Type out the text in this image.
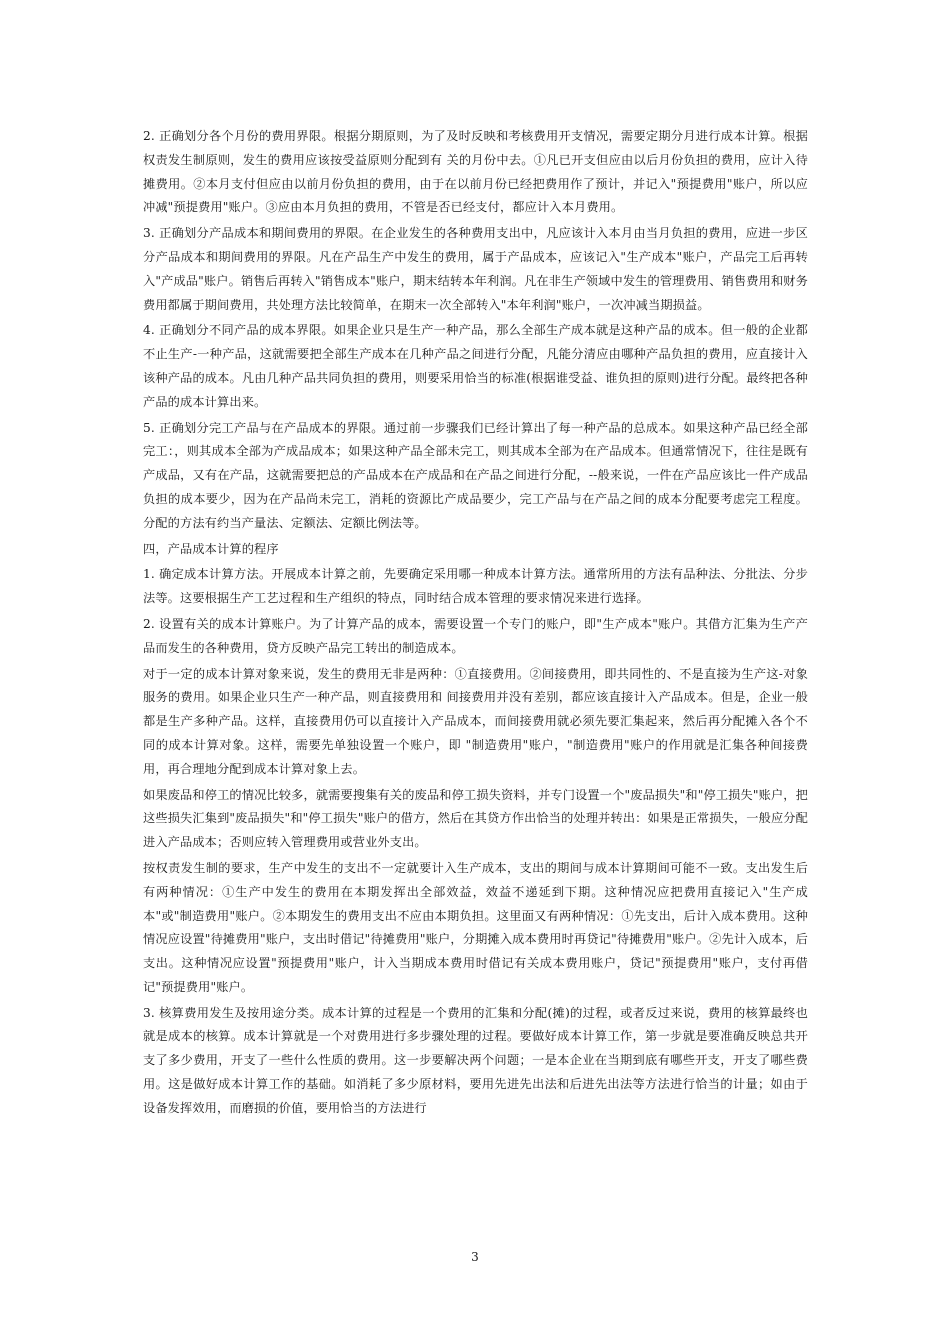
2. 正确划分各个月份的费用界限。根据分期原则，为了及时反映和考核费用开支情况，需要定期分月进行成本计算。根据权责发生制原则，发生的费用应该按受益原则分配到有 关的月份中去。①凡已开支但应由以后月份负担的费用，应计入待摊费用。②本月支付但应由以前月份负担的费用，由于在以前月份已经把费用作了预计，并记入"预提费用"账户，所以应冲减"预提费用"账户。③应由本月负担的费用，不管是否已经支付，都应计入本月费用。

3. 正确划分产品成本和期间费用的界限。在企业发生的各种费用支出中，凡应该计入本月由当月负担的费用，应进一步区分产品成本和期间费用的界限。凡在产品生产中发生的费用，属于产品成本，应该记入"生产成本"账户，产品完工后再转入"产成品"账户。销售后再转入"销售成本"账户，期末结转本年利润。凡在非生产领域中发生的管理费用、销售费用和财务费用都属于期间费用，共处理方法比较简单，在期末一次全部转入"本年利润"账户，一次冲减当期损益。

4. 正确划分不同产品的成本界限。如果企业只是生产一种产品，那么全部生产成本就是这种产品的成本。但一般的企业都不止生产-一种产品，这就需要把全部生产成本在几种产品之间进行分配，凡能分清应由哪种产品负担的费用，应直接计入该种产品的成本。凡由几种产品共同负担的费用，则要采用恰当的标准(根据谁受益、谁负担的原则)进行分配。最终把各种产品的成本计算出来。

5. 正确划分完工产品与在产品成本的界限。通过前一步骤我们已经计算出了每一种产品的总成本。如果这种产品已经全部完工：，则其成本全部为产成品成本；如果这种产品全部未完工，则其成本全部为在产品成本。但通常情况下，往往是既有产成品，又有在产品，这就需要把总的产品成本在产成品和在产品之间进行分配，--般来说，一件在产品应该比一件产成品负担的成本要少，因为在产品尚未完工，消耗的资源比产成品要少，完工产品与在产品之间的成本分配要考虑完工程度。分配的方法有约当产量法、定额法、定额比例法等。

四，产品成本计算的程序

1. 确定成本计算方法。开展成本计算之前，先要确定采用哪一种成本计算方法。通常所用的方法有品种法、分批法、分步法等。这要根据生产工艺过程和生产组织的特点，同时结合成本管理的要求情况来进行选择。

2. 设置有关的成本计算账户。为了计算产品的成本，需要设置一个专门的账户，即"生产成本"账户。其借方汇集为生产产品而发生的各种费用，贷方反映产品完工转出的制造成本。

对于一定的成本计算对象来说，发生的费用无非是两种：①直接费用。②间接费用，即共同性的、不是直接为生产这-对象服务的费用。如果企业只生产一种产品，则直接费用和 间接费用并没有差别，都应该直接计入产品成本。但是，企业一般都是生产多种产品。这样，直接费用仍可以直接计入产品成本，而间接费用就必须先要汇集起来，然后再分配摊入各个不同的成本计算对象。这样，需要先单独设置一个账户，即 "制造费用"账户，"制造费用"账户的作用就是汇集各种间接费用，再合理地分配到成本计算对象上去。

如果废品和停工的情况比较多，就需要搜集有关的废品和停工损失资料，并专门设置一个"废品损失"和"停工损失"账户，把这些损失汇集到"废品损失"和"停工损失"账户的借方，然后在其贷方作出恰当的处理并转出：如果是正常损失，一般应分配进入产品成本；否则应转入管理费用或营业外支出。

按权责发生制的要求，生产中发生的支出不一定就要计入生产成本，支出的期间与成本计算期间可能不一致。支出发生后有两种情况：①生产中发生的费用在本期发挥出全部效益，效益不递延到下期。这种情况应把费用直接记入"生产成本"或"制造费用"账户。②本期发生的费用支出不应由本期负担。这里面又有两种情况：①先支出，后计入成本费用。这种情况应设置"待摊费用"账户，支出时借记"待摊费用"账户，分期摊入成本费用时再贷记"待摊费用"账户。②先计入成本，后支出。这种情况应设置"预提费用"账户，计入当期成本费用时借记有关成本费用账户，贷记"预提费用"账户，支付再借记"预提费用"账户。

3. 核算费用发生及按用途分类。成本计算的过程是一个费用的汇集和分配(摊)的过程，或者反过来说，费用的核算最终也就是成本的核算。成本计算就是一个对费用进行多步骤处理的过程。要做好成本计算工作，第一步就是要准确反映总共开支了多少费用，开支了一些什么性质的费用。这一步要解决两个问题；一是本企业在当期到底有哪些开支，开支了哪些费用。这是做好成本计算工作的基础。如消耗了多少原材料，要用先进先出法和后进先出法等方法进行恰当的计量；如由于设备发挥效用，而磨损的价值，要用恰当的方法进行

3
